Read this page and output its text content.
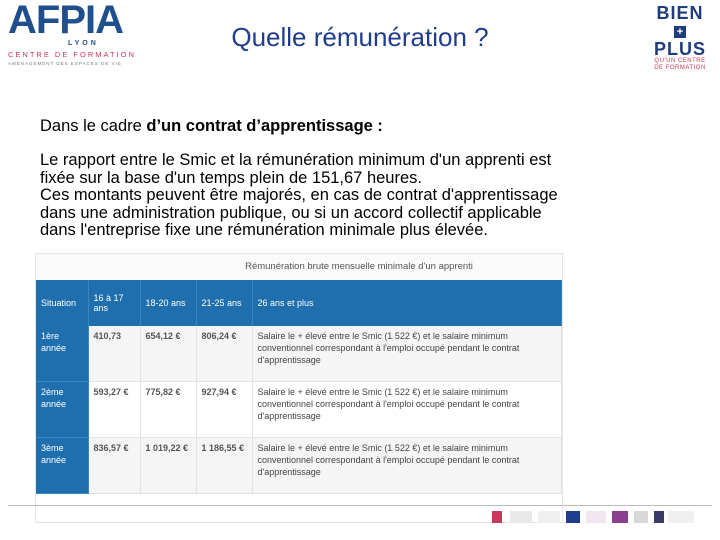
AFPIA
LYON
CENTRE DE FORMATION
AMÉNAGEMENT DES ESPACES DE VIE
Quelle rémunération ?
BIEN
+
PLUS
QU'UN CENTRE
DE FORMATION
Dans le cadre d’un contrat d’apprentissage :
Le rapport entre le Smic et la rémunération minimum d'un apprenti est
fixée sur la base d'un temps plein de 151,67 heures.
Ces montants peuvent être majorés, en cas de contrat d'apprentissage
dans une administration publique, ou si un accord collectif applicable
dans l'entreprise fixe une rémunération minimale plus élevée.
Rémunération brute mensuelle minimale d'un apprenti
Situation	16 à 17 ans	18-20 ans	21-25 ans	26 ans et plus
1ère année	410,73	654,12 €	806,24 €	Salaire le + élevé entre le Smic (1 522 €) et le salaire minimum conventionnel correspondant à l'emploi occupé pendant le contrat d'apprentissage
2ème année	593,27 €	775,82 €	927,94 €	Salaire le + élevé entre le Smic (1 522 €) et le salaire minimum conventionnel correspondant à l'emploi occupé pendant le contrat d'apprentissage
3ème année	836,57 €	1 019,22 €	1 186,55 €	Salaire le + élevé entre le Smic (1 522 €) et le salaire minimum conventionnel correspondant à l'emploi occupé pendant le contrat d'apprentissage
